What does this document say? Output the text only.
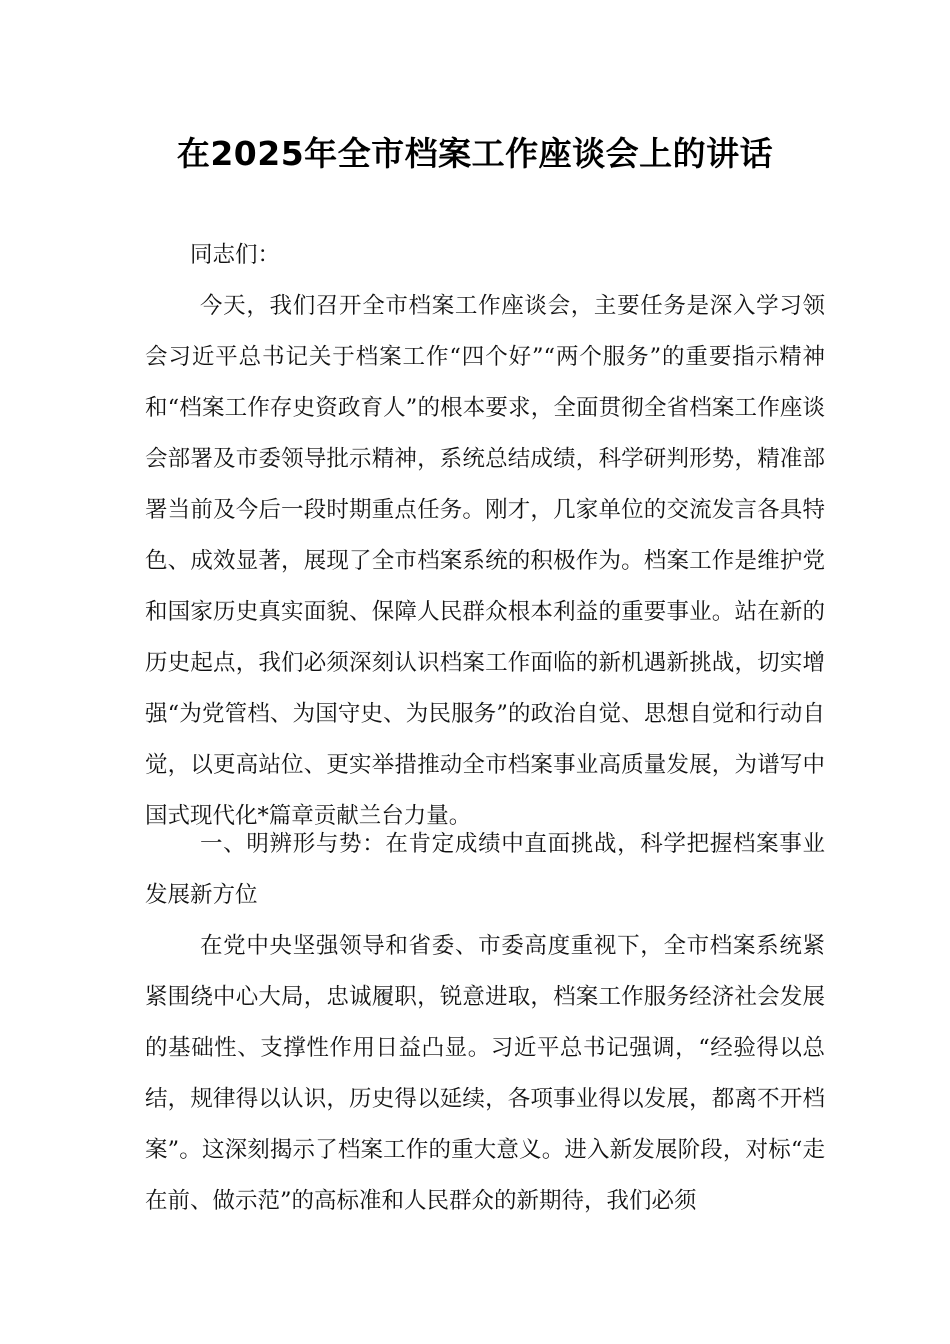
在2025年全市档案工作座谈会上的讲话

同志们：

今天，我们召开全市档案工作座谈会，主要任务是深入学习领会习近平总书记关于档案工作“四个好”“两个服务”的重要指示精神和“档案工作存史资政育人”的根本要求，全面贯彻全省档案工作座谈会部署及市委领导批示精神，系统总结成绩，科学研判形势，精准部署当前及今后一段时期重点任务。刚才，几家单位的交流发言各具特色、成效显著，展现了全市档案系统的积极作为。档案工作是维护党和国家历史真实面貌、保障人民群众根本利益的重要事业。站在新的历史起点，我们必须深刻认识档案工作面临的新机遇新挑战，切实增强“为党管档、为国守史、为民服务”的政治自觉、思想自觉和行动自觉，以更高站位、更实举措推动全市档案事业高质量发展，为谱写中国式现代化*篇章贡献兰台力量。

一、明辨形与势：在肯定成绩中直面挑战，科学把握档案事业发展新方位

在党中央坚强领导和省委、市委高度重视下，全市档案系统紧紧围绕中心大局，忠诚履职，锐意进取，档案工作服务经济社会发展的基础性、支撑性作用日益凸显。习近平总书记强调，“经验得以总结，规律得以认识，历史得以延续，各项事业得以发展，都离不开档案”。这深刻揭示了档案工作的重大意义。进入新发展阶段，对标“走在前、做示范”的高标准和人民群众的新期待，我们必须
